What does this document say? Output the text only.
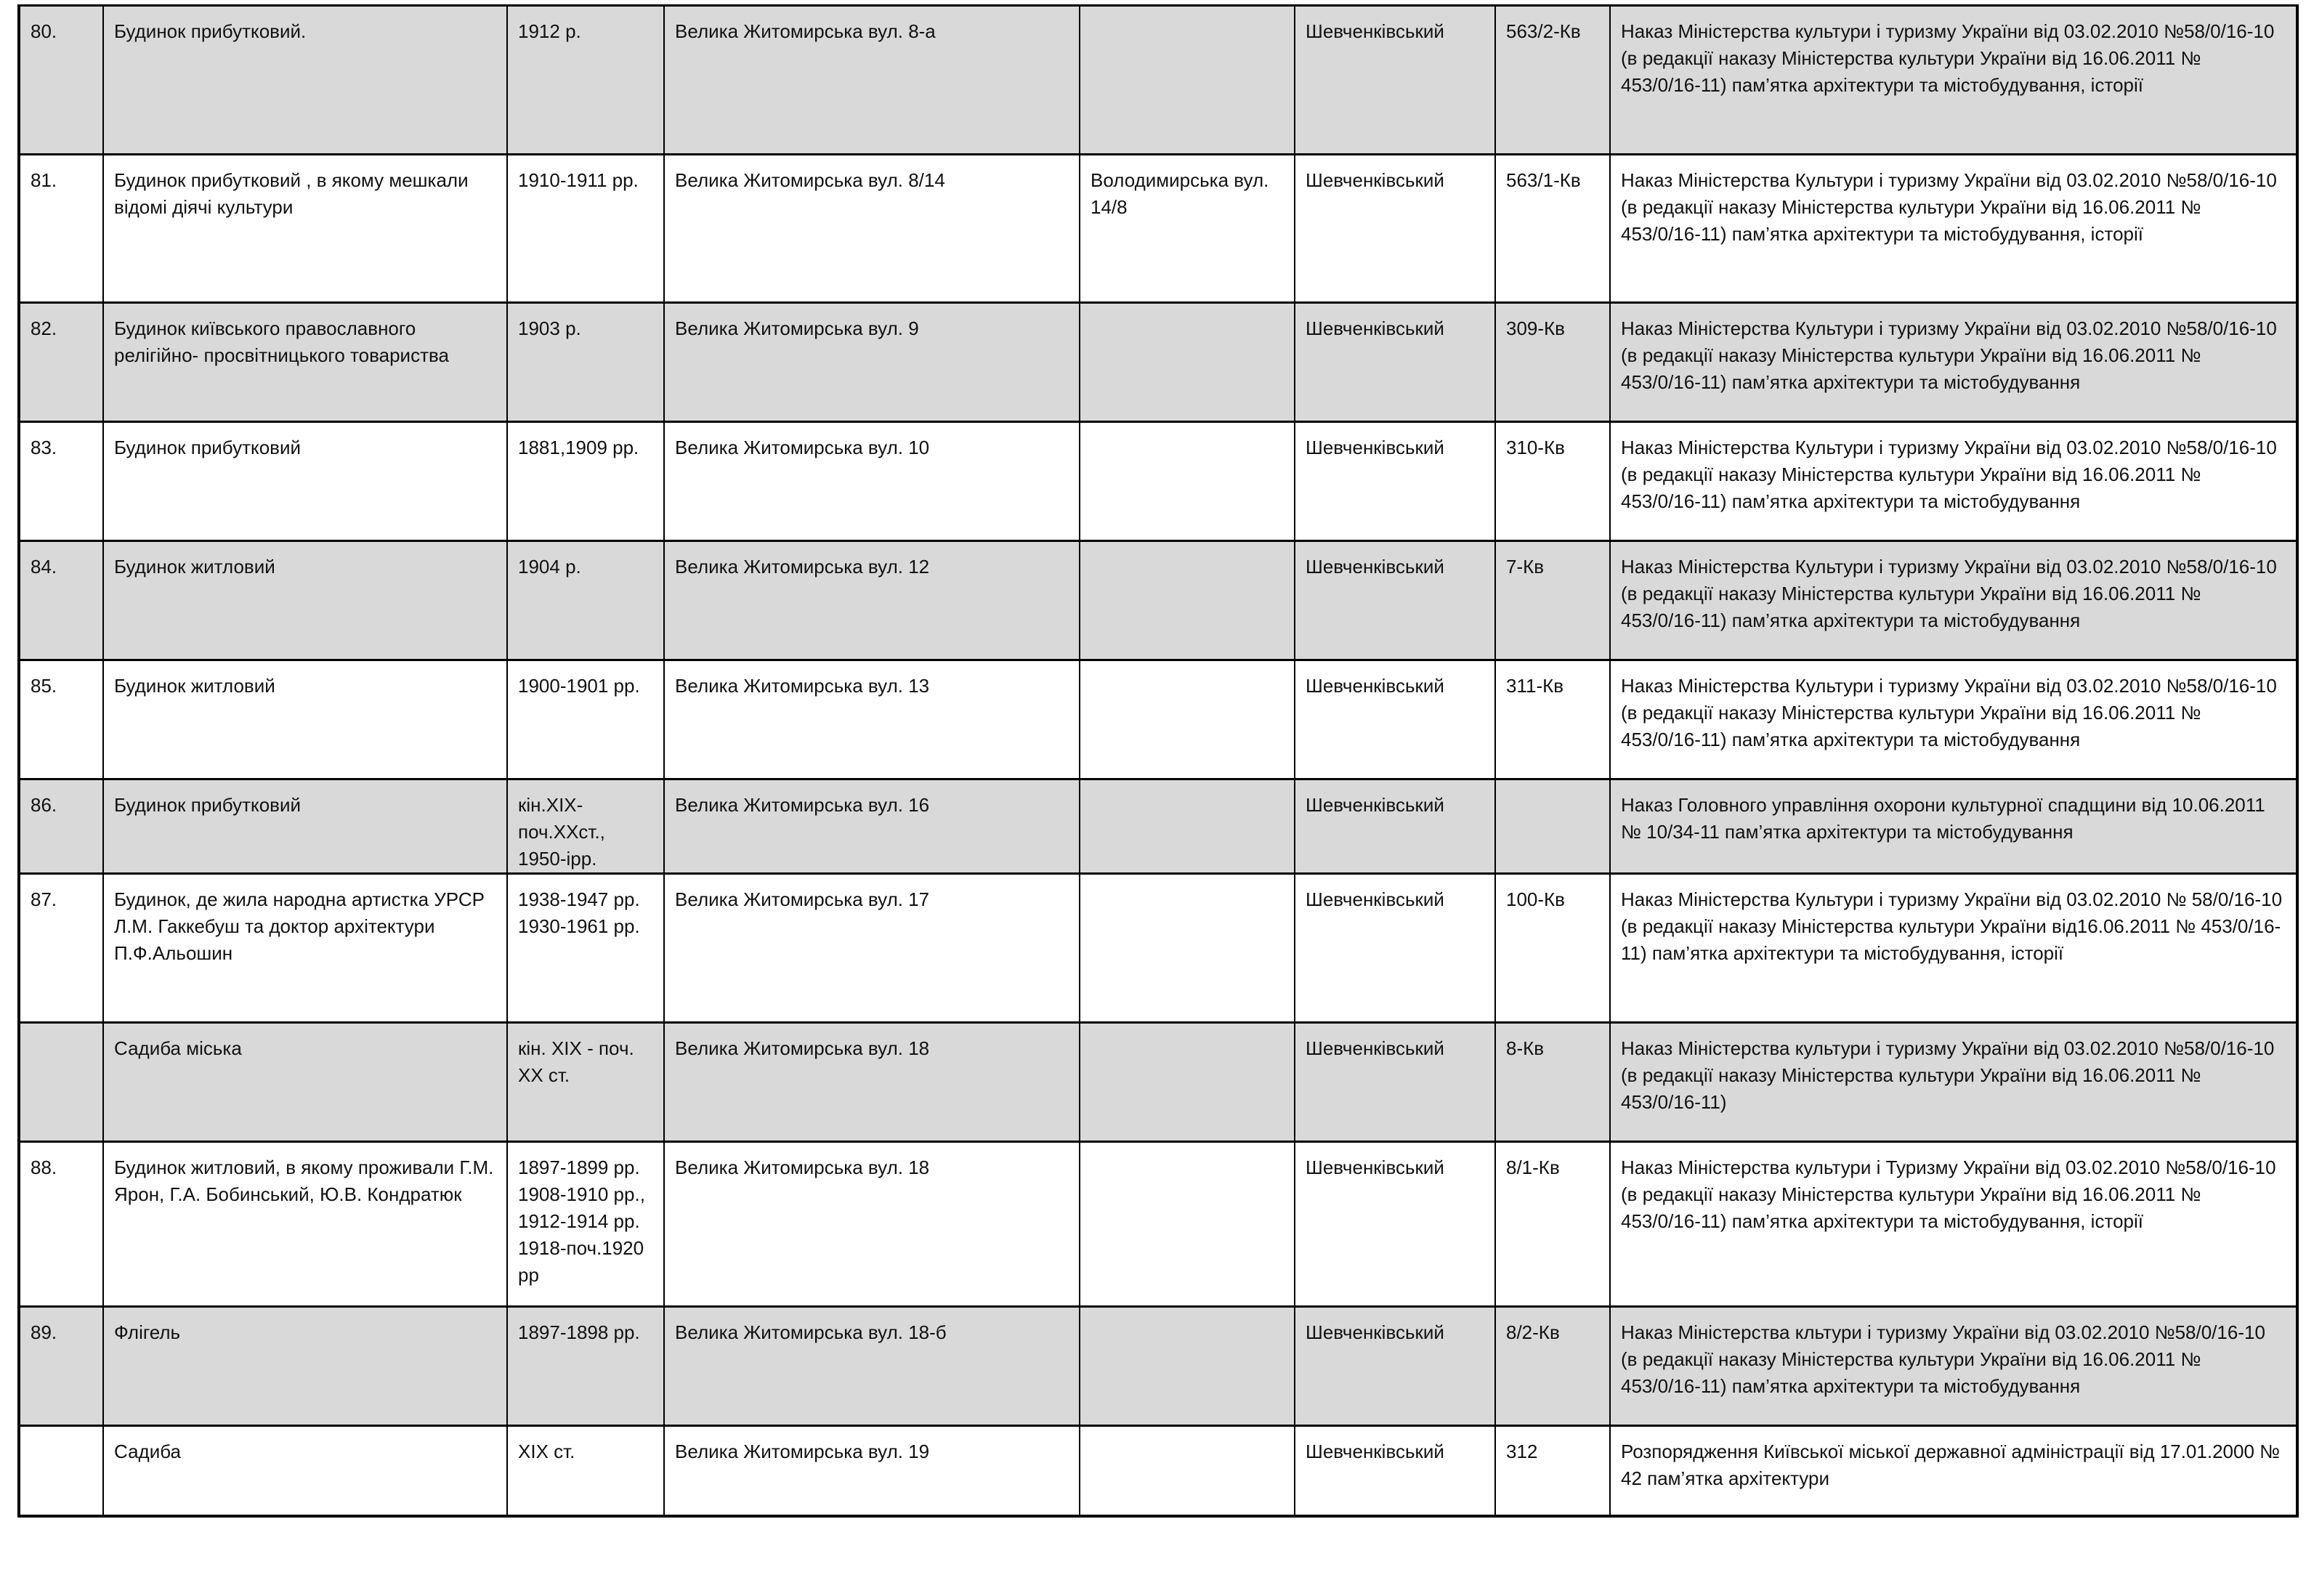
80.	Будинок прибутковий.	1912 р.	Велика Житомирська вул. 8-а		Шевченківський	563/2-Кв	Наказ Міністерства культури і туризму України від 03.02.2010 №58/0/16-10 (в редакції наказу Міністерства культури України від 16.06.2011 № 453/0/16-11) пам’ятка архітектури та містобудування, історії
81.	Будинок прибутковий , в якому мешкали відомі діячі культури	1910-1911 рр.	Велика Житомирська вул. 8/14	Володимирська вул. 14/8	Шевченківський	563/1-Кв	Наказ Міністерства Культури і туризму України від 03.02.2010 №58/0/16-10 (в редакції наказу Міністерства культури України від 16.06.2011 № 453/0/16-11) пам’ятка архітектури та містобудування, історії
82.	Будинок київського православного релігійно- просвітницького товариства	1903 р.	Велика Житомирська вул. 9		Шевченківський	309-Кв	Наказ Міністерства Культури і туризму України від 03.02.2010 №58/0/16-10 (в редакції наказу Міністерства культури України від 16.06.2011 № 453/0/16-11) пам’ятка архітектури та містобудування
83.	Будинок прибутковий	1881,1909 рр.	Велика Житомирська вул. 10		Шевченківський	310-Кв	Наказ Міністерства Культури і туризму України від 03.02.2010 №58/0/16-10 (в редакції наказу Міністерства культури України від 16.06.2011 № 453/0/16-11) пам’ятка архітектури та містобудування
84.	Будинок житловий	1904 р.	Велика Житомирська вул. 12		Шевченківський	7-Кв	Наказ Міністерства Культури і туризму України від 03.02.2010 №58/0/16-10 (в редакції наказу Міністерства культури України від 16.06.2011 № 453/0/16-11) пам’ятка архітектури та містобудування
85.	Будинок житловий	1900-1901 рр.	Велика Житомирська вул. 13		Шевченківський	311-Кв	Наказ Міністерства Культури і туризму України від 03.02.2010 №58/0/16-10 (в редакції наказу Міністерства культури України від 16.06.2011 № 453/0/16-11) пам’ятка архітектури та містобудування
86.	Будинок прибутковий	кін.ХIХ-поч.ХХст., 1950-ірр.	Велика Житомирська вул. 16		Шевченківський		Наказ Головного управління охорони культурної спадщини від 10.06.2011 № 10/34-11 пам’ятка архітектури та містобудування
87.	Будинок, де жила народна артистка УРСР Л.М. Гаккебуш та доктор архітектури П.Ф.Альошин	1938-1947 рр. 1930-1961 рр.	Велика Житомирська вул. 17		Шевченківський	100-Кв	Наказ Міністерства Культури і туризму України від 03.02.2010 № 58/0/16-10 (в редакції наказу Міністерства культури України від16.06.2011 № 453/0/16-11) пам’ятка архітектури та містобудування, історії
	Садиба міська	кін. ХIХ - поч. ХХ ст.	Велика Житомирська вул. 18		Шевченківський	8-Кв	Наказ Міністерства культури і туризму України від 03.02.2010 №58/0/16-10 (в редакції наказу Міністерства культури України від 16.06.2011 № 453/0/16-11)
88.	Будинок житловий, в якому проживали Г.М. Ярон, Г.А. Бобинський, Ю.В. Кондратюк	1897-1899 рр. 1908-1910 рр., 1912-1914 рр. 1918-поч.1920 рр	Велика Житомирська вул. 18		Шевченківський	8/1-Кв	Наказ Міністерства культури і Туризму України від 03.02.2010 №58/0/16-10 (в редакції наказу Міністерства культури України від 16.06.2011 № 453/0/16-11) пам’ятка архітектури та містобудування, історії
89.	Флігель	1897-1898 рр.	Велика Житомирська вул. 18-б		Шевченківський	8/2-Кв	Наказ Міністерства кльтури і туризму України від 03.02.2010 №58/0/16-10 (в редакції наказу Міністерства культури України від 16.06.2011 № 453/0/16-11) пам’ятка архітектури та містобудування
	Садиба	ХIХ ст.	Велика Житомирська вул. 19		Шевченківський	312	Розпорядження Київської міської державної адміністрації від 17.01.2000 № 42 пам’ятка архітектури
